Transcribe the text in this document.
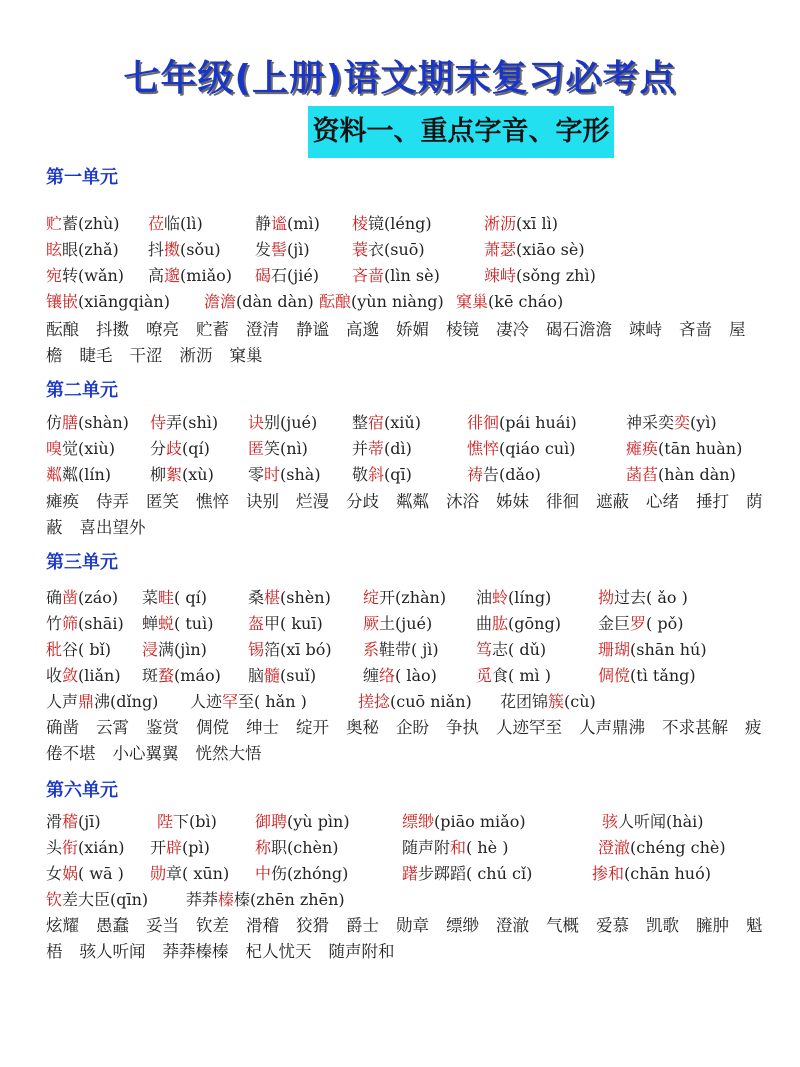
七年级(上册)语文期末复习必考点
资料一、重点字音、字形
第一单元
贮蓄(zhù) 莅临(lì)	静谧(mì) 棱镜(léng)	淅沥(xī lì)
眩眼(zhǎ) 抖擞(sǒu) 发髻(jì)	蓑衣(suō)	萧瑟(xiāo sè)
宛转(wǎn) 高邈(miǎo) 碣石(jié) 吝啬(lìn sè)	竦峙(sǒng zhì)
镶嵌(xiāngqiàn) 澹澹(dàn dàn) 酝酿(yùn niàng) 窠巢(kē cháo)
酝酿 抖擞 嘹亮 贮蓄 澄清 静谧 高邈 娇媚 棱镜 凄冷 碣石澹澹 竦峙 吝啬 屋檐 睫毛 干涩 淅沥 窠巢
第二单元
仿膳(shàn) 侍弄(shì) 诀别(jué) 整宿(xiǔ)	徘徊(pái huái)	神采奕奕(yì)
嗅觉(xiù) 分歧(qí) 匿笑(nì)	并蒂(dì)	憔悴(qiáo cuì)	瘫痪(tān huàn)
粼粼(lín) 柳絮(xù) 零时(shà) 敬斜(qī)	祷告(dǎo)	菡萏(hàn dàn)
瘫痪 侍弄 匿笑 憔悴 诀别 烂漫 分歧 粼粼 沐浴 姊妹 徘徊 遮蔽 心绪 捶打 荫蔽 喜出望外
第三单元
确凿(záo) 菜畦( qí)	桑椹(shèn) 绽开(zhàn) 油蛉(líng)	拗过去( ǎo )
竹筛(shāi) 蝉蜕( tuì) 盔甲( kuī)	厥土(jué)	曲肱(gōng) 金巨罗( pǒ)
秕谷( bǐ) 浸满(jìn)	锡箔(xī bó) 系鞋带( jì) 笃志( dǔ)	珊瑚(shān hú)
收敛(liǎn) 斑蝥(máo) 脑髓(suǐ)	缠络( lào) 觅食( mì )	倜傥(tì tǎng)
人声鼎沸(dǐng) 人迹罕至( hǎn )	搓捻(cuō niǎn) 花团锦簇(cù)
确凿 云霄 鉴赏 倜傥 绅士 绽开 奥秘 企盼 争执 人迹罕至 人声鼎沸 不求甚解 疲倦不堪 小心翼翼 恍然大悟
第六单元
滑稽(jī)	陛下(bì) 御聘(yù pìn)	缥缈(piāo miǎo)	骇人听闻(hài)
头衔(xián) 开辟(pì)	称职(chèn)	随声附和( hè )	澄澈(chéng chè)
女娲( wā ) 勋章( xūn) 中伤(zhóng)	躇步踯蹈( chú cǐ)	掺和(chān huó)
钦差大臣(qīn) 莽莽榛榛(zhēn zhēn)
炫耀 愚蠢 妥当 钦差 滑稽 狡猾 爵士 勋章 缥缈 澄澈 气概 爱慕 凯歌 臃肿 魁梧 骇人听闻 莽莽榛榛 杞人忧天 随声附和
